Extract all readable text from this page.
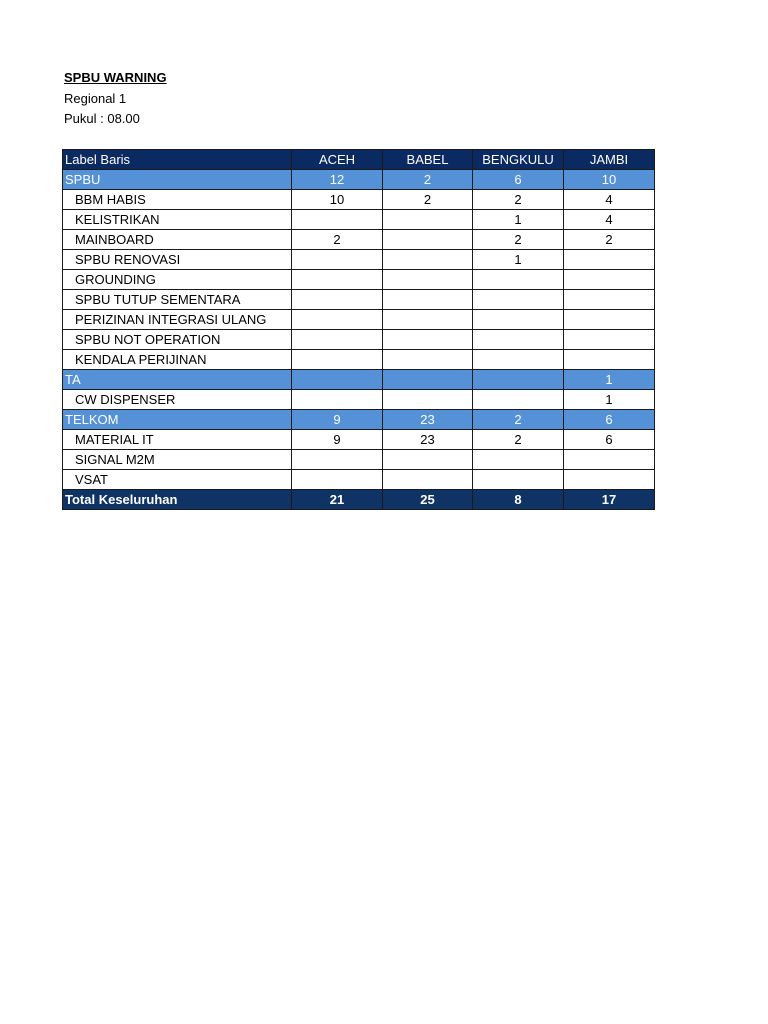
SPBU WARNING
Regional 1
Pukul : 08.00
Label Baris	ACEH	BABEL	BENGKULU	JAMBI
SPBU	12	2	6	10
BBM HABIS	10	2	2	4
KELISTRIKAN			1	4
MAINBOARD	2		2	2
SPBU RENOVASI			1	
GROUNDING				
SPBU TUTUP SEMENTARA				
PERIZINAN INTEGRASI ULANG				
SPBU NOT OPERATION				
KENDALA PERIJINAN				
TA				1
CW DISPENSER				1
TELKOM	9	23	2	6
MATERIAL IT	9	23	2	6
SIGNAL M2M				
VSAT				
Total Keseluruhan	21	25	8	17
